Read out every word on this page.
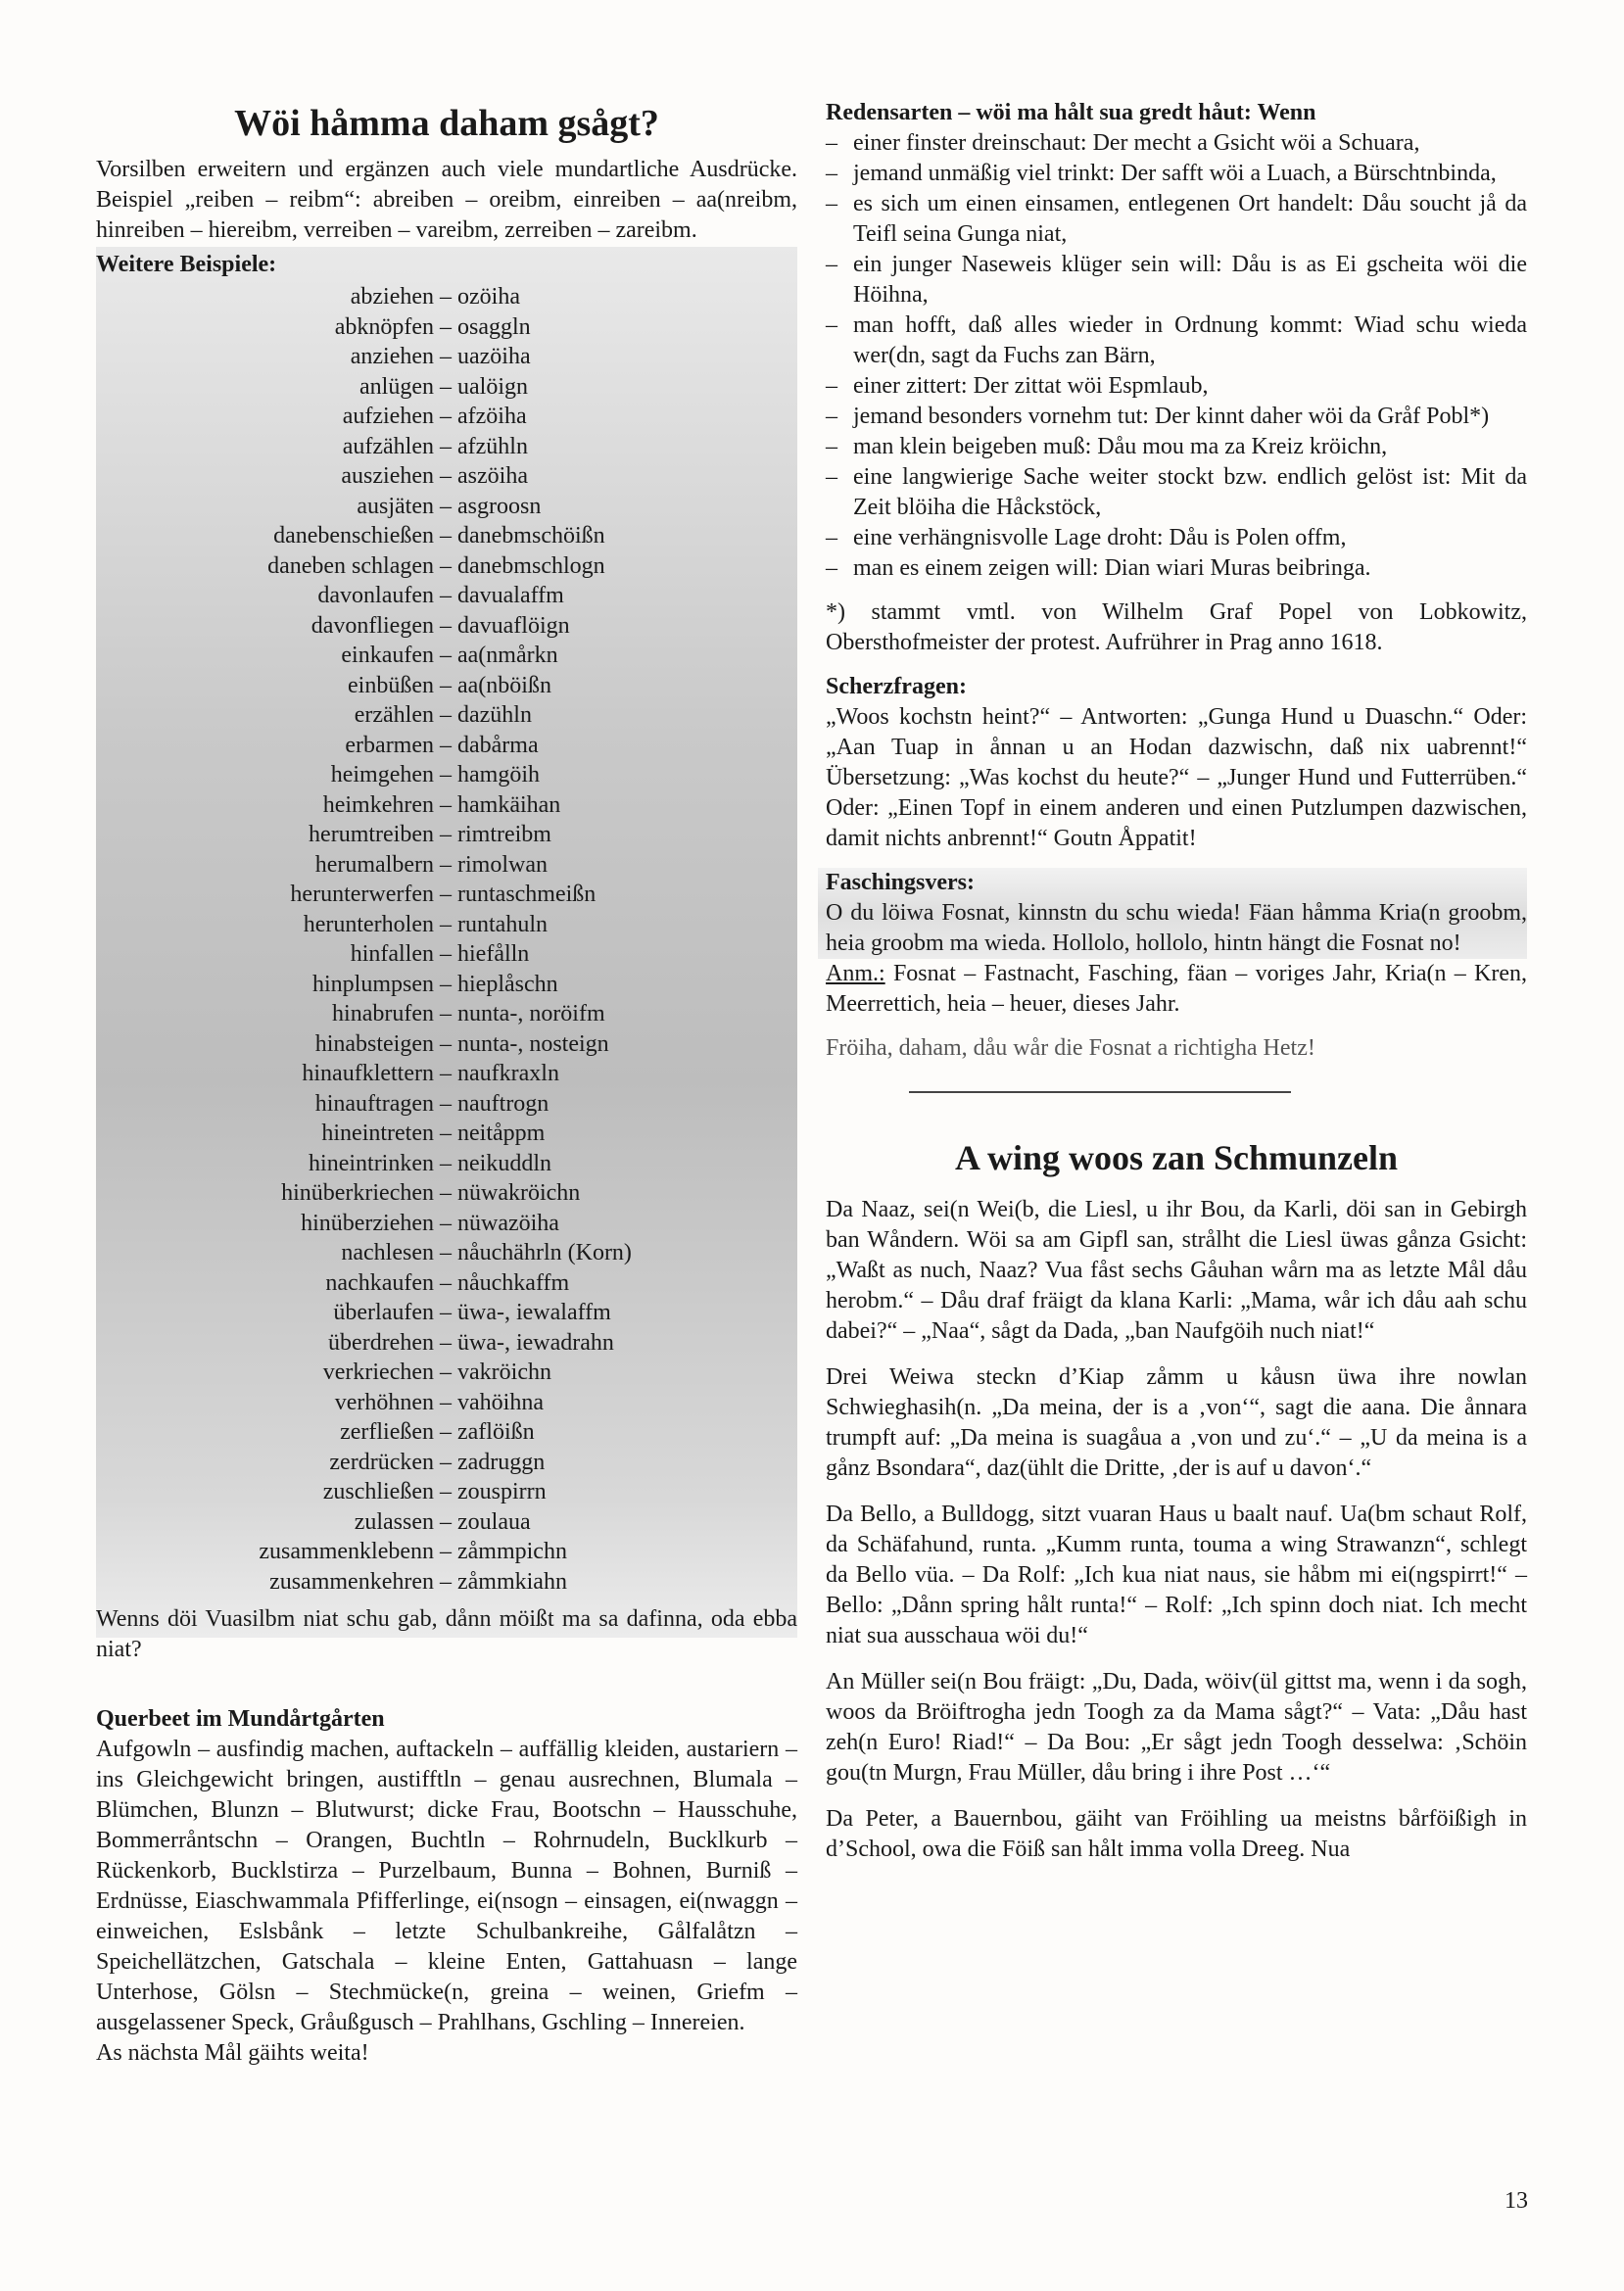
Wöi håmma daham gsågt?

Vorsilben erweitern und ergänzen auch viele mundartliche Ausdrücke. Beispiel „reiben – reibm“: abreiben – oreibm, einreiben – aa(nreibm, hinreiben – hiereibm, verreiben – vareibm, zerreiben – zareibm.

Weitere Beispiele:
abziehen – ozöiha
abknöpfen – osaggln
anziehen – uazöiha
anlügen – ualöign
aufziehen – afzöiha
aufzählen – afzühln
ausziehen – aszöiha
ausjäten – asgroosn
danebenschießen – danebmschöißn
daneben schlagen – danebmschlogn
davonlaufen – davualaffm
davonfliegen – davuaflöign
einkaufen – aa(nmårkn
einbüßen – aa(nböißn
erzählen – dazühln
erbarmen – dabårma
heimgehen – hamgöih
heimkehren – hamkäihan
herumtreiben – rimtreibm
herumalbern – rimolwan
herunterwerfen – runtaschmeißn
herunterholen – runtahuln
hinfallen – hiefålln
hinplumpsen – hieplåschn
hinabrufen – nunta-, noröifm
hinabsteigen – nunta-, nosteign
hinaufklettern – naufkraxln
hinauftragen – nauftrogn
hineintreten – neitåppm
hineintrinken – neikuddln
hinüberkriechen – nüwakröichn
hinüberziehen – nüwazöiha
nachlesen – nåuchährln (Korn)
nachkaufen – nåuchkaffm
überlaufen – üwa-, iewalaffm
überdrehen – üwa-, iewadrahn
verkriechen – vakröichn
verhöhnen – vahöihna
zerfließen – zaflöißn
zerdrücken – zadruggn
zuschließen – zouspirrn
zulassen – zoulaua
zusammenklebenn – zåmmpichn
zusammenkehren – zåmmkiahn

Wenns döi Vuasilbm niat schu gab, dånn möißt ma sa dafinna, oda ebba niat?

Querbeet im Mundårtgårten

Aufgowln – ausfindig machen, auftackeln – auffällig kleiden, austariern – ins Gleichgewicht bringen, austifftln – genau ausrechnen, Blumala – Blümchen, Blunzn – Blutwurst; dicke Frau, Bootschn – Hausschuhe, Bommerråntschn – Orangen, Buchtln – Rohrnudeln, Bucklkurb – Rückenkorb, Bucklstirza – Purzelbaum, Bunna – Bohnen, Burniß – Erdnüsse, Eiaschwammala Pfifferlinge, ei(nsogn – einsagen, ei(nwaggn – einweichen, Eslsbånk – letzte Schulbankreihe, Gålfalåtzn – Speichellätzchen, Gatschala – kleine Enten, Gattahuasn – lange Unterhose, Gölsn – Stechmücke(n, greina – weinen, Griefm – ausgelassener Speck, Gråußgusch – Prahlhans, Gschling – Innereien.

As nächsta Mål gäihts weita!

Redensarten – wöi ma hålt sua gredt håut: Wenn
– einer finster dreinschaut: Der mecht a Gsicht wöi a Schuara,
– jemand unmäßig viel trinkt: Der safft wöi a Luach, a Bürschtnbinda,
– es sich um einen einsamen, entlegenen Ort handelt: Dåu soucht jå da Teifl seina Gunga niat,
– ein junger Naseweis klüger sein will: Dåu is as Ei gscheita wöi die Höihna,
– man hofft, daß alles wieder in Ordnung kommt: Wiad schu wieda wer(dn, sagt da Fuchs zan Bärn,
– einer zittert: Der zittat wöi Espmlaub,
– jemand besonders vornehm tut: Der kinnt daher wöi da Gråf Pobl*)
– man klein beigeben muß: Dåu mou ma za Kreiz kröichn,
– eine langwierige Sache weiter stockt bzw. endlich gelöst ist: Mit da Zeit blöiha die Håckstöck,
– eine verhängnisvolle Lage droht: Dåu is Polen offm,
– man es einem zeigen will: Dian wiari Muras beibringa.

*) stammt vmtl. von Wilhelm Graf Popel von Lobkowitz, Obersthofmeister der protest. Aufrührer in Prag anno 1618.

Scherzfragen:

„Woos kochstn heint?“ – Antworten: „Gunga Hund u Duaschn.“ Oder: „Aan Tuap in ånnan u an Hodan dazwischn, daß nix uabrennt!“ Übersetzung: „Was kochst du heute?“ – „Junger Hund und Futterrüben.“ Oder: „Einen Topf in einem anderen und einen Putzlumpen dazwischen, damit nichts anbrennt!“ Goutn Åppatit!

Faschingsvers:

O du löiwa Fosnat, kinnstn du schu wieda! Fäan håmma Kria(n groobm, heia groobm ma wieda. Hollolo, hollolo, hintn hängt die Fosnat no!

Anm.: Fosnat – Fastnacht, Fasching, fäan – voriges Jahr, Kria(n – Kren, Meerrettich, heia – heuer, dieses Jahr.

Fröiha, daham, dåu wår die Fosnat a richtigha Hetz!

A wing woos zan Schmunzeln

Da Naaz, sei(n Wei(b, die Liesl, u ihr Bou, da Karli, döi san in Gebirgh ban Wåndern. Wöi sa am Gipfl san, strålht die Liesl üwas gånza Gsicht: „Waßt as nuch, Naaz? Vua fåst sechs Gåuhan wårn ma as letzte Mål dåu herobm.“ – Dåu draf fräigt da klana Karli: „Mama, wår ich dåu aah schu dabei?“ – „Naa“, sågt da Dada, „ban Naufgöih nuch niat!“

Drei Weiwa steckn d’Kiap zåmm u kåusn üwa ihre nowlan Schwieghasih(n. „Da meina, der is a ‚von‘“, sagt die aana. Die ånnara trumpft auf: „Da meina is suagåua a ‚von und zu‘.“ – „U da meina is a gånz Bsondara“, daz(ühlt die Dritte, ‚der is auf u davon‘.“

Da Bello, a Bulldogg, sitzt vuaran Haus u baalt nauf. Ua(bm schaut Rolf, da Schäfahund, runta. „Kumm runta, touma a wing Strawanzn“, schlegt da Bello vüa. – Da Rolf: „Ich kua niat naus, sie håbm mi ei(ngspirrt!“ – Bello: „Dånn spring hålt runta!“ – Rolf: „Ich spinn doch niat. Ich mecht niat sua ausschaua wöi du!“

An Müller sei(n Bou fräigt: „Du, Dada, wöiv(ül gittst ma, wenn i da sogh, woos da Bröiftrogha jedn Toogh za da Mama sågt?“ – Vata: „Dåu hast zeh(n Euro! Riad!“ – Da Bou: „Er sågt jedn Toogh desselwa: ‚Schöin gou(tn Murgn, Frau Müller, dåu bring i ihre Post …‘“

Da Peter, a Bauernbou, gäiht van Fröihling ua meistns bårföißigh in d’School, owa die Föiß san hålt imma volla Dreeg. Nua

13
